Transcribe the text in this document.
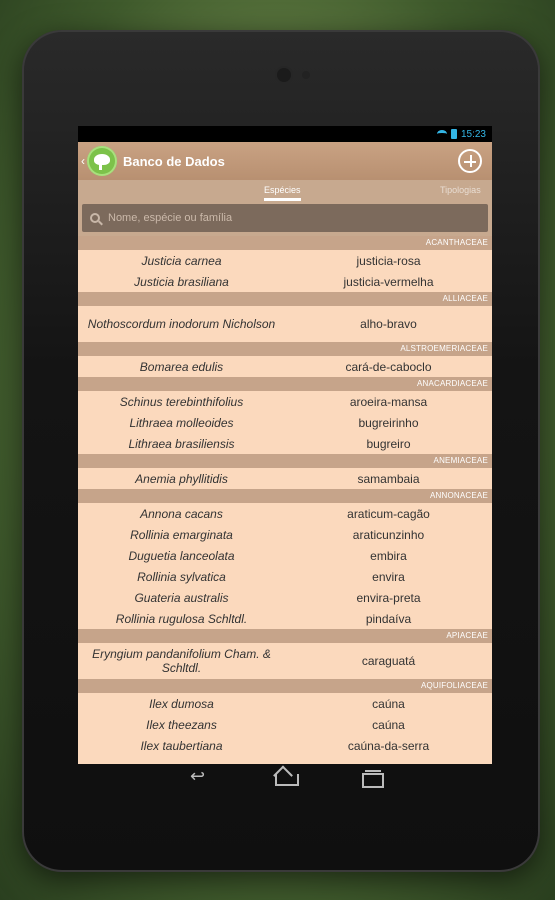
15:23
‹	Banco de Dados
Espécies	Tipologias
Nome, espécie ou família
ACANTHACEAE
Justicia carnea	justicia-rosa
Justicia brasiliana	justicia-vermelha
ALLIACEAE
Nothoscordum inodorum Nicholson	alho-bravo
ALSTROEMERIACEAE
Bomarea edulis	cará-de-caboclo
ANACARDIACEAE
Schinus terebinthifolius	aroeira-mansa
Lithraea molleoides	bugreirinho
Lithraea brasiliensis	bugreiro
ANEMIACEAE
Anemia phyllitidis	samambaia
ANNONACEAE
Annona cacans	araticum-cagão
Rollinia emarginata	araticunzinho
Duguetia lanceolata	embira
Rollinia sylvatica	envira
Guateria australis	envira-preta
Rollinia rugulosa Schltdl.	pindaíva
APIACEAE
Eryngium pandanifolium Cham. & Schltdl.	caraguatá
AQUIFOLIACEAE
Ilex dumosa	caúna
Ilex theezans	caúna
Ilex taubertiana	caúna-da-serra
↩
